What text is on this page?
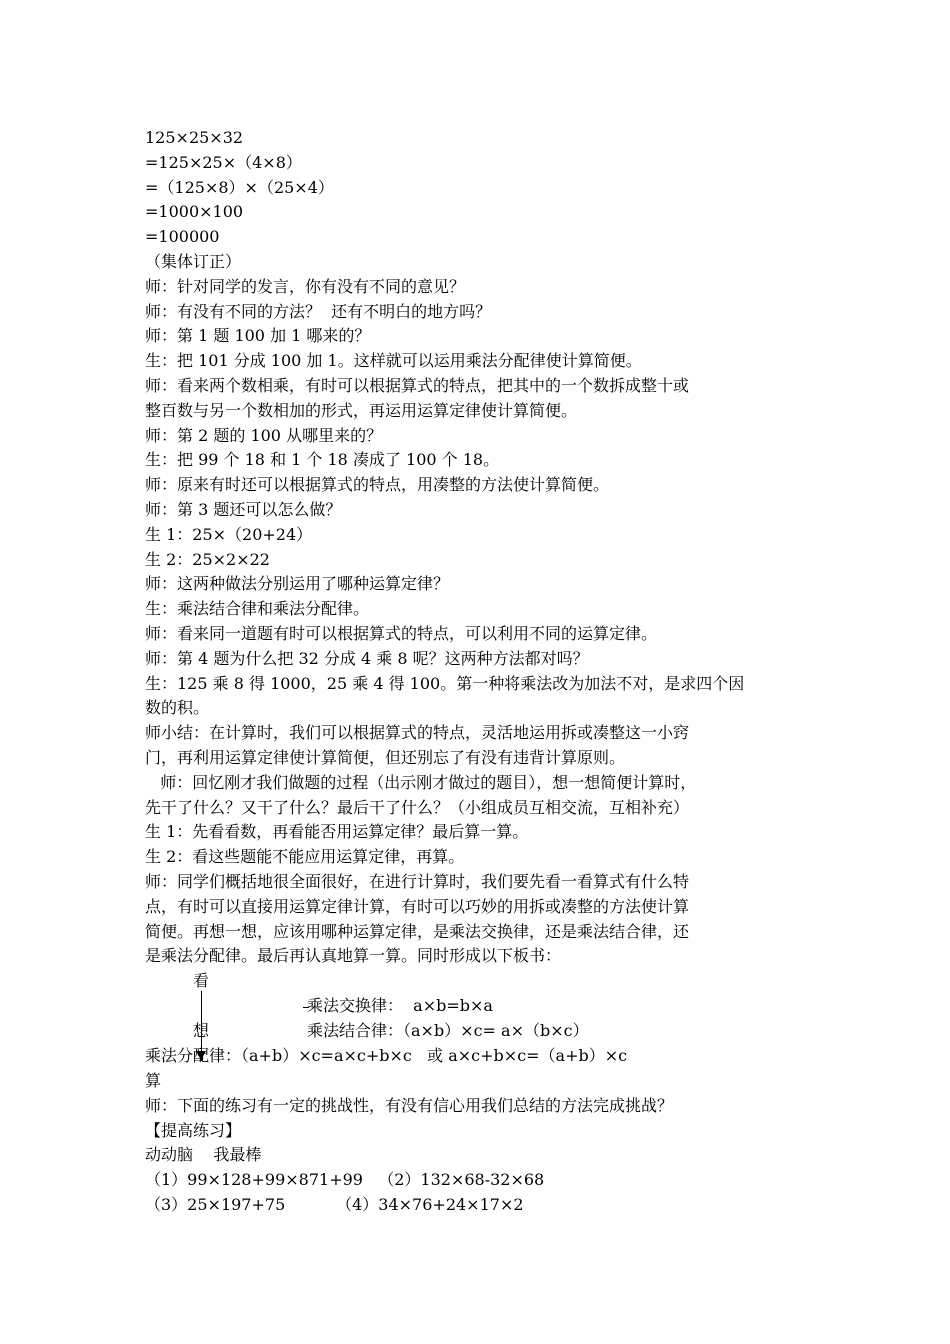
125×25×32
=125×25×（4×8）
=（125×8）×（25×4）
=1000×100
=100000
（集体订正）
师：针对同学的发言，你有没有不同的意见？
师：有没有不同的方法？  还有不明白的地方吗？
师：第 1 题 100 加 1 哪来的？
生：把 101 分成 100 加 1。这样就可以运用乘法分配律使计算简便。
师：看来两个数相乘，有时可以根据算式的特点，把其中的一个数拆成整十或
整百数与另一个数相加的形式，再运用运算定律使计算简便。
师：第 2 题的 100 从哪里来的？
生：把 99 个 18 和 1 个 18 凑成了 100 个 18。
师：原来有时还可以根据算式的特点，用凑整的方法使计算简便。
师：第 3 题还可以怎么做？
生 1：25×（20+24）
生 2：25×2×22
师：这两种做法分别运用了哪种运算定律？
生：乘法结合律和乘法分配律。
师：看来同一道题有时可以根据算式的特点，可以利用不同的运算定律。
师：第 4 题为什么把 32 分成 4 乘 8 呢？这两种方法都对吗？
生：125 乘 8 得 1000，25 乘 4 得 100。第一种将乘法改为加法不对，是求四个因
数的积。
师小结：在计算时，我们可以根据算式的特点，灵活地运用拆或凑整这一小窍
门，再利用运算定律使计算简便，但还别忘了有没有违背计算原则。
师：回忆刚才我们做题的过程（出示刚才做过的题目），想一想简便计算时，
先干了什么？又干了什么？最后干了什么？（小组成员互相交流，互相补充）
生 1：先看看数，再看能否用运算定律？最后算一算。
生 2：看这些题能不能应用运算定律，再算。
师：同学们概括地很全面很好，在进行计算时，我们要先看一看算式有什么特
点，有时可以直接用运算定律计算，有时可以巧妙的用拆或凑整的方法使计算
简便。再想一想，应该用哪种运算定律，是乘法交换律，还是乘法结合律，还
是乘法分配律。最后再认真地算一算。同时形成以下板书：
看
乘法交换律：  a×b=b×a
想	乘法结合律：（a×b）×c= a×（b×c）
乘法分配律：（a+b）×c=a×c+b×c   或 a×c+b×c=（a+b）×c
算
师：下面的练习有一定的挑战性，有没有信心用我们总结的方法完成挑战？
【提高练习】
动动脑    我最棒
（1）99×128+99×871+99   （2）132×68-32×68
（3）25×197+75          （4）34×76+24×17×2
